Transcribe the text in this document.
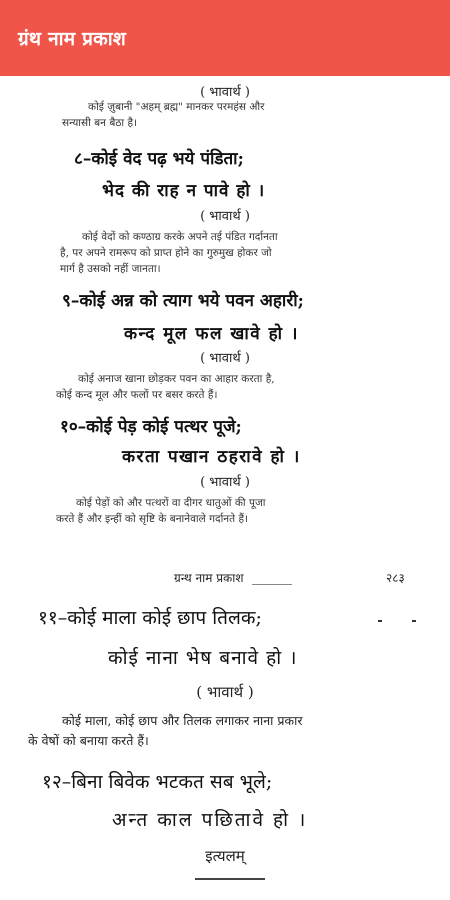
ग्रंथ नाम प्रकाश
( भावार्थ )
कोई ज़ुबानी "अहम् ब्रह्म" मानकर परमहंस और
सन्यासी बन बैठा है।
८–कोई वेद पढ़ भये पंडिता;
भेद की राह न पावे हो ।
( भावार्थ )
कोई वेदों को कण्ठाग्र करके अपने तई पंडित गर्दानता
है, पर अपने रामरूप को प्राप्त होने का गुरुमुख होकर जो
मार्ग है उसको नहीं जानता।
९–कोई अन्न को त्याग भये पवन अहारी;
कन्द मूल फल खावे हो ।
( भावार्थ )
कोई अनाज खाना छोड़कर पवन का आहार करता है,
कोई कन्द मूल और फलों पर बसर करते हैं।
१०–कोई पेड़ कोई पत्थर पूजे;
करता पखान ठहरावे हो ।
( भावार्थ )
कोई पेड़ों को और पत्थरों वा दीगर धातुओं की पूजा
करते हैं और इन्हीं को सृष्टि के बनानेवाले गर्दानते हैं।
ग्रन्थ नाम प्रकाश	२८३
११–कोई माला कोई छाप तिलक;
कोई नाना भेष बनावे हो ।
( भावार्थ )
कोई माला, कोई छाप और तिलक लगाकर नाना प्रकार
के वेषों को बनाया करते हैं।
१२–बिना बिवेक भटकत सब भूले;
अन्त काल पछितावे हो ।
इत्यलम्
